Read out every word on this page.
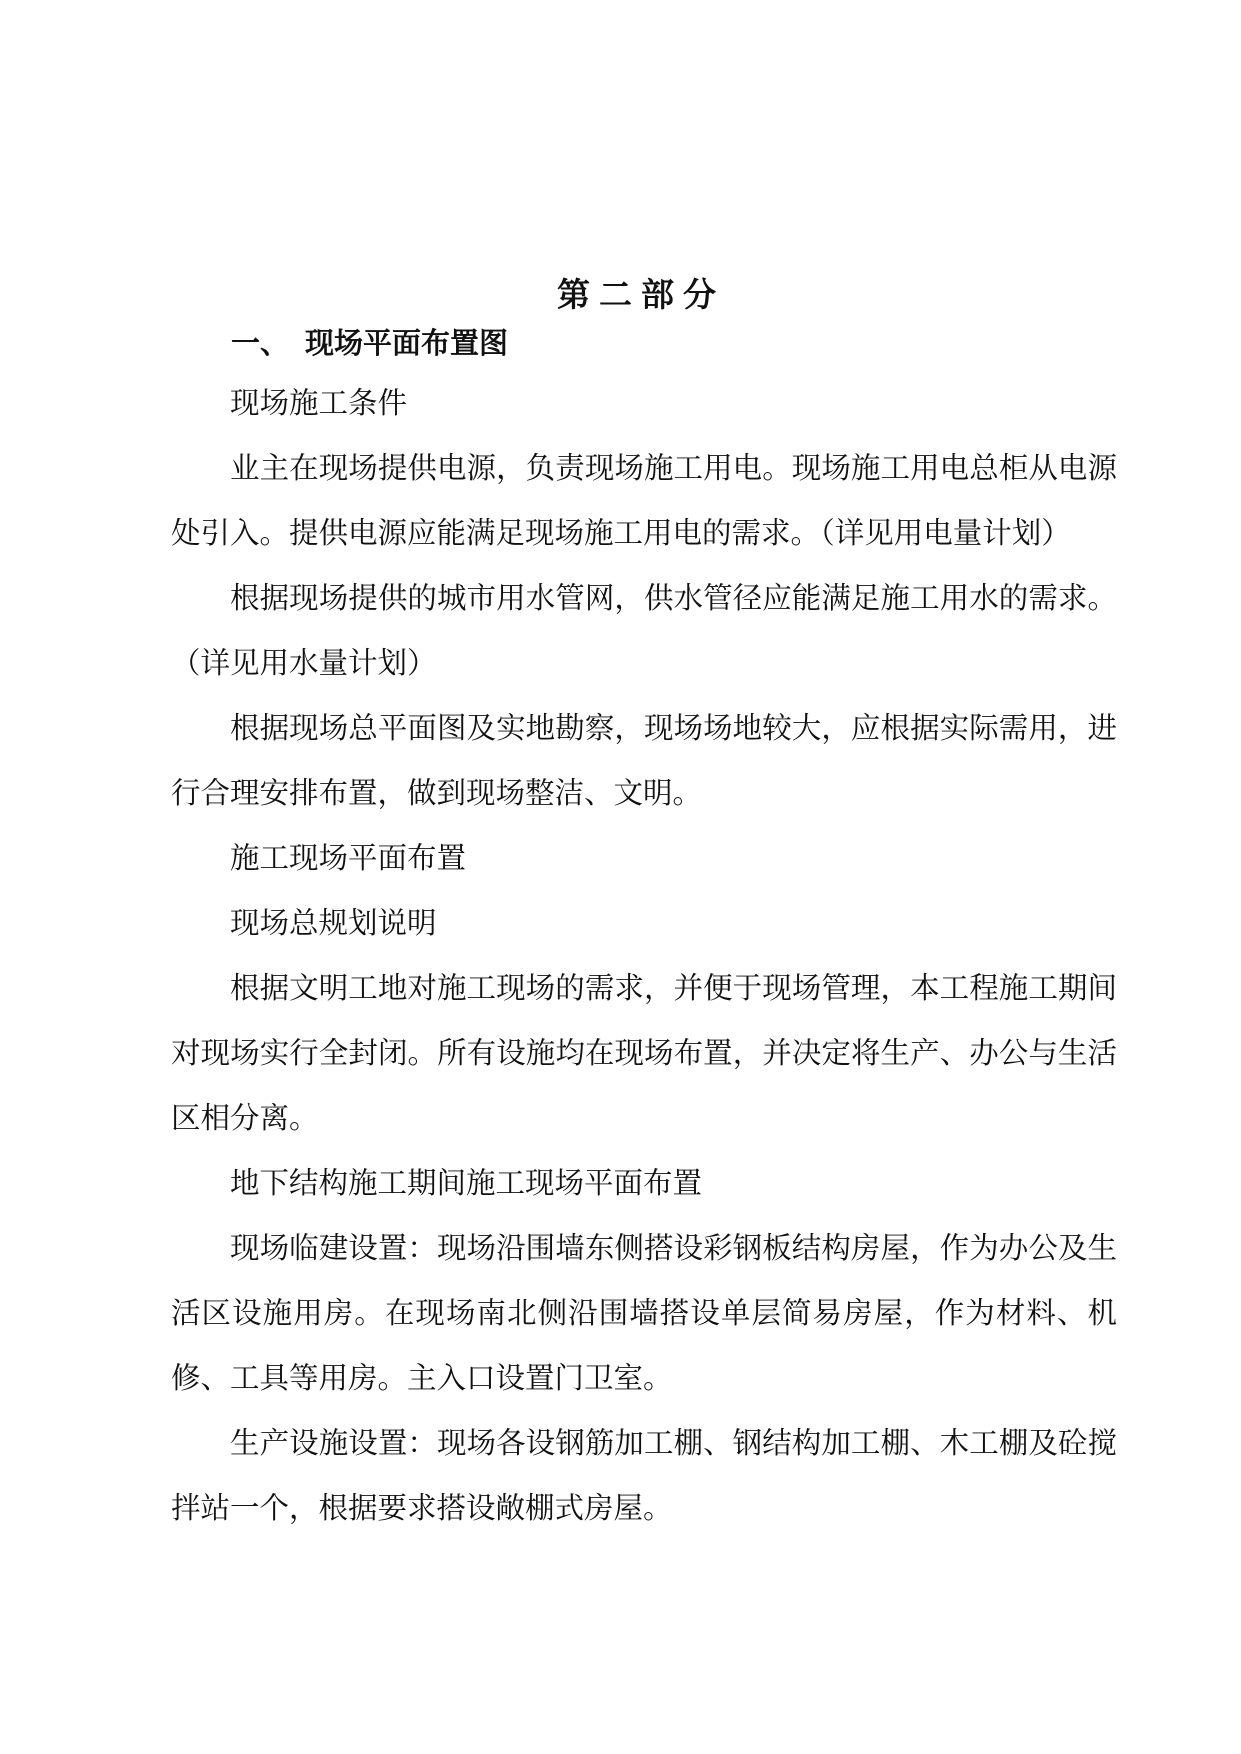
第二部分
一、 现场平面布置图

现场施工条件

业主在现场提供电源，负责现场施工用电。现场施工用电总柜从电源处引入。提供电源应能满足现场施工用电的需求。（详见用电量计划）

根据现场提供的城市用水管网，供水管径应能满足施工用水的需求。（详见用水量计划）

根据现场总平面图及实地勘察，现场场地较大，应根据实际需用，进行合理安排布置，做到现场整洁、文明。

施工现场平面布置

现场总规划说明

根据文明工地对施工现场的需求，并便于现场管理，本工程施工期间对现场实行全封闭。所有设施均在现场布置，并决定将生产、办公与生活区相分离。

地下结构施工期间施工现场平面布置

现场临建设置：现场沿围墙东侧搭设彩钢板结构房屋，作为办公及生活区设施用房。在现场南北侧沿围墙搭设单层简易房屋，作为材料、机修、工具等用房。主入口设置门卫室。

生产设施设置：现场各设钢筋加工棚、钢结构加工棚、木工棚及砼搅拌站一个，根据要求搭设敞棚式房屋。
